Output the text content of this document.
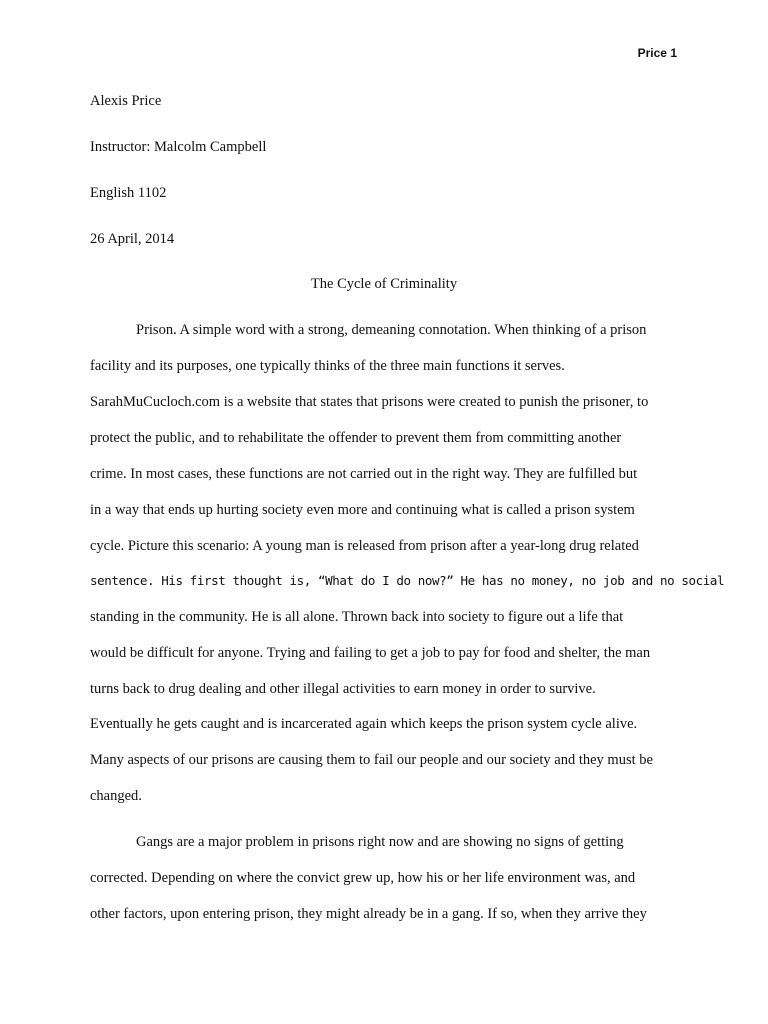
Price 1
Alexis Price
Instructor: Malcolm Campbell
English 1102
26 April, 2014
The Cycle of Criminality
Prison. A simple word with a strong, demeaning connotation. When thinking of a prison
facility and its purposes, one typically thinks of the three main functions it serves.
SarahMuCucloch.com is a website that states that prisons were created to punish the prisoner, to
protect the public, and to rehabilitate the offender to prevent them from committing another
crime. In most cases, these functions are not carried out in the right way. They are fulfilled but
in a way that ends up hurting society even more and continuing what is called a prison system
cycle. Picture this scenario: A young man is released from prison after a year-long drug related
sentence. His first thought is, “What do I do now?” He has no money, no job and no social
standing in the community. He is all alone. Thrown back into society to figure out a life that
would be difficult for anyone. Trying and failing to get a job to pay for food and shelter, the man
turns back to drug dealing and other illegal activities to earn money in order to survive.
Eventually he gets caught and is incarcerated again which keeps the prison system cycle alive.
Many aspects of our prisons are causing them to fail our people and our society and they must be
changed.
Gangs are a major problem in prisons right now and are showing no signs of getting
corrected. Depending on where the convict grew up, how his or her life environment was, and
other factors, upon entering prison, they might already be in a gang. If so, when they arrive they
